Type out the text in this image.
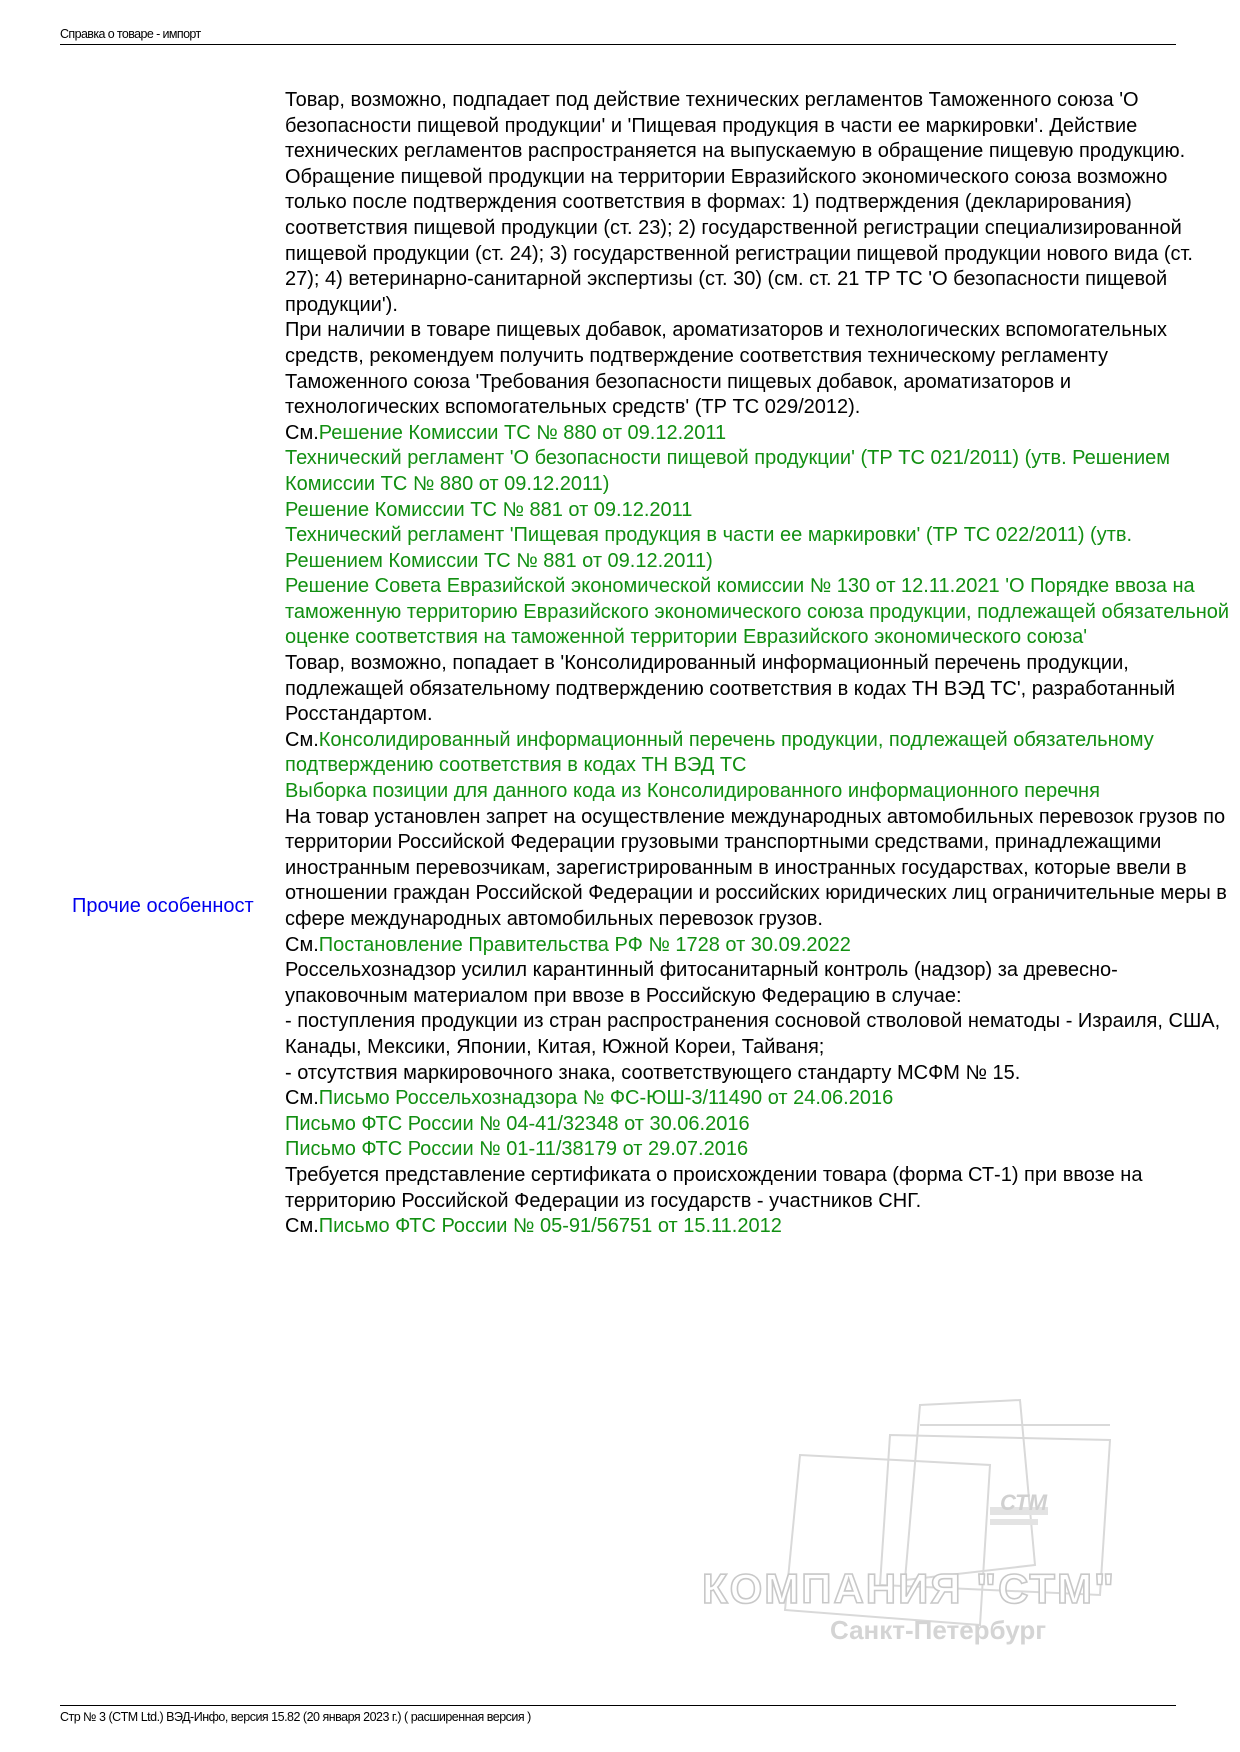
Справка о товаре - импорт
Прочие особенност

Товар, возможно, подпадает под действие технических регламентов Таможенного союза 'О безопасности пищевой продукции' и 'Пищевая продукция в части ее маркировки'. Действие технических регламентов распространяется на выпускаемую в обращение пищевую продукцию. Обращение пищевой продукции на территории Евразийского экономического союза возможно только после подтверждения соответствия в формах: 1) подтверждения (декларирования) соответствия пищевой продукции (ст. 23); 2) государственной регистрации специализированной пищевой продукции (ст. 24); 3) государственной регистрации пищевой продукции нового вида (ст. 27); 4) ветеринарно-санитарной экспертизы (ст. 30) (см. ст. 21 ТР ТС 'О безопасности пищевой продукции').

При наличии в товаре пищевых добавок, ароматизаторов и технологических вспомогательных средств, рекомендуем получить подтверждение соответствия техническому регламенту Таможенного союза 'Требования безопасности пищевых добавок, ароматизаторов и технологических вспомогательных средств' (ТР ТС 029/2012).

См.Решение Комиссии ТС № 880 от 09.12.2011

Технический регламент 'О безопасности пищевой продукции' (ТР ТС 021/2011) (утв. Решением Комиссии ТС № 880 от 09.12.2011)

Решение Комиссии ТС № 881 от 09.12.2011

Технический регламент 'Пищевая продукция в части ее маркировки' (ТР ТС 022/2011) (утв. Решением Комиссии ТС № 881 от 09.12.2011)

Решение Совета Евразийской экономической комиссии № 130 от 12.11.2021 'О Порядке ввоза на таможенную территорию Евразийского экономического союза продукции, подлежащей обязательной оценке соответствия на таможенной территории Евразийского экономического союза'

Товар, возможно, попадает в 'Консолидированный информационный перечень продукции, подлежащей обязательному подтверждению соответствия в кодах ТН ВЭД ТС', разработанный Росстандартом.

См.Консолидированный информационный перечень продукции, подлежащей обязательному подтверждению соответствия в кодах ТН ВЭД ТС

Выборка позиции для данного кода из Консолидированного информационного перечня

На товар установлен запрет на осуществление международных автомобильных перевозок грузов по территории Российской Федерации грузовыми транспортными средствами, принадлежащими иностранным перевозчикам, зарегистрированным в иностранных государствах, которые ввели в отношении граждан Российской Федерации и российских юридических лиц ограничительные меры в сфере международных автомобильных перевозок грузов.

См.Постановление Правительства РФ № 1728 от 30.09.2022

Россельхознадзор усилил карантинный фитосанитарный контроль (надзор) за древесно-упаковочным материалом при ввозе в Российскую Федерацию в случае:

- поступления продукции из стран распространения сосновой стволовой нематоды - Израиля, США, Канады, Мексики, Японии, Китая, Южной Кореи, Тайваня;

- отсутствия маркировочного знака, соответствующего стандарту МСФМ № 15.

См.Письмо Россельхознадзора № ФС-ЮШ-3/11490 от 24.06.2016

Письмо ФТС России № 04-41/32348 от 30.06.2016

Письмо ФТС России № 01-11/38179 от 29.07.2016

Требуется представление сертификата о происхождении товара (форма СТ-1) при ввозе на территорию Российской Федерации из государств - участников СНГ.

См.Письмо ФТС России № 05-91/56751 от 15.11.2012

СТМ
КОМПАНИЯ "СТМ"
Санкт-Петербург
Стр № 3 (CTM Ltd.) ВЭД-Инфо, версия 15.82 (20 января 2023 г.) ( расширенная версия )
